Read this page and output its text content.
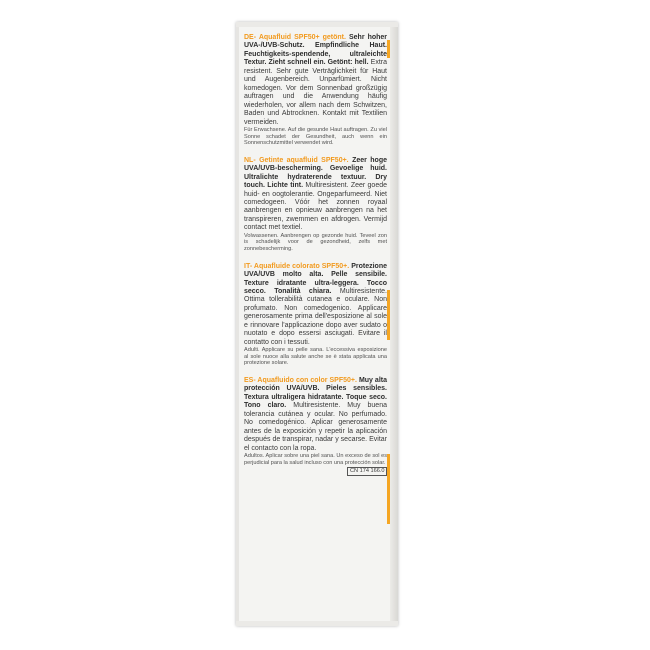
DE- Aquafluid SPF50+ getönt. Sehr hoher UVA-/UVB-Schutz. Empfindliche Haut. Feuchtigkeits-spendende, ultraleichte Textur. Zieht schnell ein. Getönt: hell. Extra resistent. Sehr gute Verträglichkeit für Haut und Augenbereich. Unparfümiert. Nicht komedogen. Vor dem Sonnenbad großzügig auftragen und die Anwendung häufig wiederholen, vor allem nach dem Schwitzen, Baden und Abtrocknen. Kontakt mit Textilien vermeiden.
Für Erwachsene. Auf die gesunde Haut auftragen. Zu viel Sonne schadet der Gesundheit, auch wenn ein Sonnenschutzmittel verwendet wird.

NL- Getinte aquafluid SPF50+. Zeer hoge UVA/UVB-bescherming. Gevoelige huid. Ultralichte hydraterende textuur. Dry touch. Lichte tint. Multiresistent. Zeer goede huid- en oogtolerantie. Ongeparfumeerd. Niet comedogeen. Vóór het zonnen royaal aanbrengen en opnieuw aanbrengen na het transpireren, zwemmen en afdrogen. Vermijd contact met textiel.
Volwassenen. Aanbrengen op gezonde huid. Teveel zon is schadelijk voor de gezondheid, zelfs met zonnebescherming.

IT- Aquafluide colorato SPF50+. Protezione UVA/UVB molto alta. Pelle sensibile. Texture idratante ultra-leggera. Tocco secco. Tonalità chiara. Multiresistente. Ottima tollerabilità cutanea e oculare. Non profumato. Non comedogenico. Applicare generosamente prima dell'esposizione al sole e rinnovare l'applicazione dopo aver sudato o nuotato e dopo essersi asciugati. Evitare il contatto con i tessuti.
Adulti. Applicare su pelle sana. L'eccessiva esposizione al sole nuoce alla salute anche se è stata applicata una protezione solare.

ES- Aquafluido con color SPF50+. Muy alta protección UVA/UVB. Pieles sensibles. Textura ultraligera hidratante. Toque seco. Tono claro. Multiresistente. Muy buena tolerancia cutánea y ocular. No perfumado. No comedogénico. Aplicar generosamente antes de la exposición y repetir la aplicación después de transpirar, nadar y secarse. Evitar el contacto con la ropa.
Adultos. Aplicar sobre una piel sana. Un exceso de sol es perjudicial para la salud incluso con una protección solar.
CN 174 166.0
